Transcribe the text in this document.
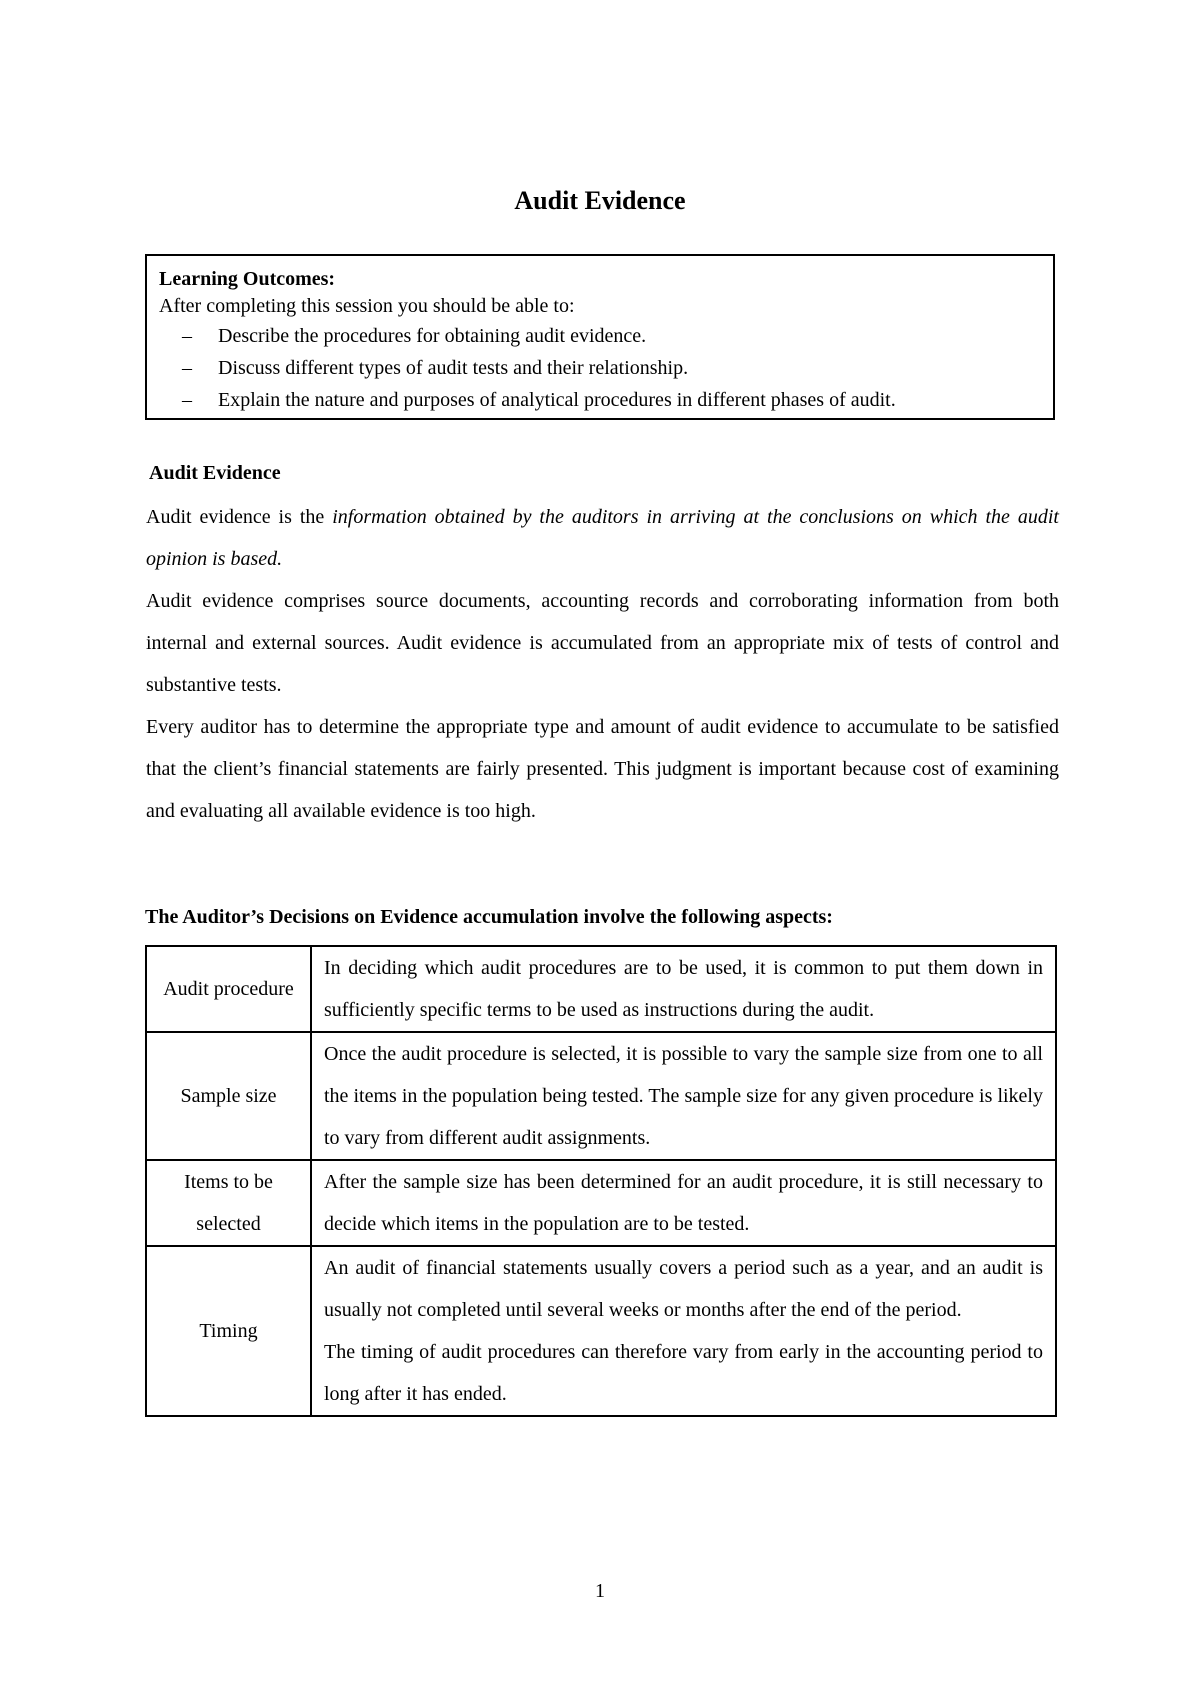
Audit Evidence
Learning Outcomes:
After completing this session you should be able to:
– Describe the procedures for obtaining audit evidence.
– Discuss different types of audit tests and their relationship.
– Explain the nature and purposes of analytical procedures in different phases of audit.
Audit Evidence

Audit evidence is the information obtained by the auditors in arriving at the conclusions on which the audit opinion is based.

Audit evidence comprises source documents, accounting records and corroborating information from both internal and external sources. Audit evidence is accumulated from an appropriate mix of tests of control and substantive tests.

Every auditor has to determine the appropriate type and amount of audit evidence to accumulate to be satisfied that the client’s financial statements are fairly presented. This judgment is important because cost of examining and evaluating all available evidence is too high.

The Auditor’s Decisions on Evidence accumulation involve the following aspects:
Audit procedure	In deciding which audit procedures are to be used, it is common to put them down in sufficiently specific terms to be used as instructions during the audit.

Sample size	Once the audit procedure is selected, it is possible to vary the sample size from one to all the items in the population being tested. The sample size for any given procedure is likely to vary from different audit assignments.

Items to be selected	After the sample size has been determined for an audit procedure, it is still necessary to decide which items in the population are to be tested.

Timing	An audit of financial statements usually covers a period such as a year, and an audit is usually not completed until several weeks or months after the end of the period.

The timing of audit procedures can therefore vary from early in the accounting period to long after it has ended.

1
